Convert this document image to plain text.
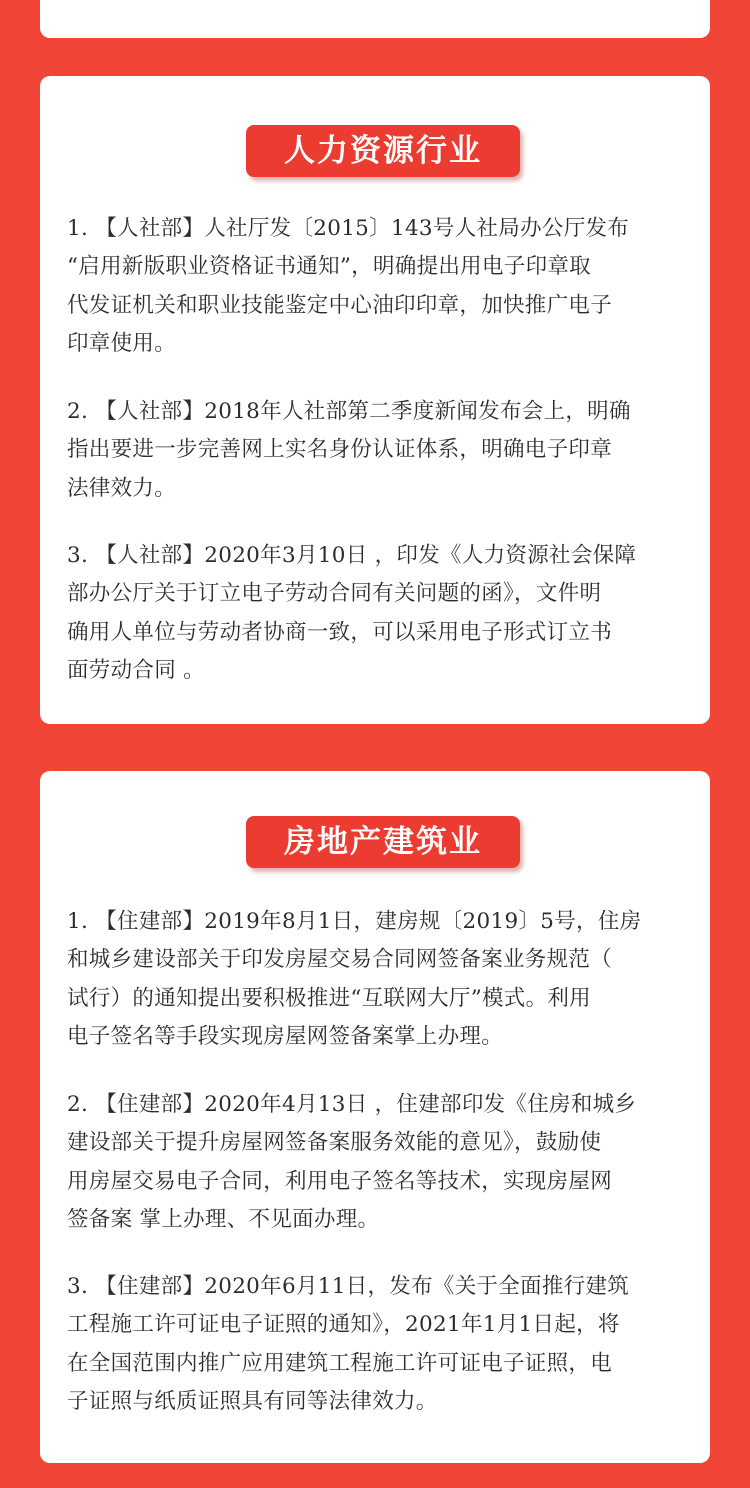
人力资源行业

1. 【人社部】人社厅发〔2015〕143号人社局办公厅发布
“启用新版职业资格证书通知”，明确提出用电子印章取
代发证机关和职业技能鉴定中心油印印章，加快推广电子
印章使用。

2. 【人社部】2018年人社部第二季度新闻发布会上，明确
指出要进一步完善网上实名身份认证体系，明确电子印章
法律效力。

3. 【人社部】2020年3月10日 ，印发《人力资源社会保障
部办公厅关于订立电子劳动合同有关问题的函》，文件明
确用人单位与劳动者协商一致，可以采用电子形式订立书
面劳动合同 。

房地产建筑业

1. 【住建部】2019年8月1日，建房规〔2019〕5号，住房
和城乡建设部关于印发房屋交易合同网签备案业务规范（
试行）的通知提出要积极推进“互联网大厅”模式。利用
电子签名等手段实现房屋网签备案掌上办理。

2. 【住建部】2020年4月13日 ，住建部印发《住房和城乡
建设部关于提升房屋网签备案服务效能的意见》，鼓励使
用房屋交易电子合同，利用电子签名等技术，实现房屋网
签备案 掌上办理、不见面办理。

3. 【住建部】2020年6月11日，发布《关于全面推行建筑
工程施工许可证电子证照的通知》，2021年1月1日起，将
在全国范围内推广应用建筑工程施工许可证电子证照，电
子证照与纸质证照具有同等法律效力。
